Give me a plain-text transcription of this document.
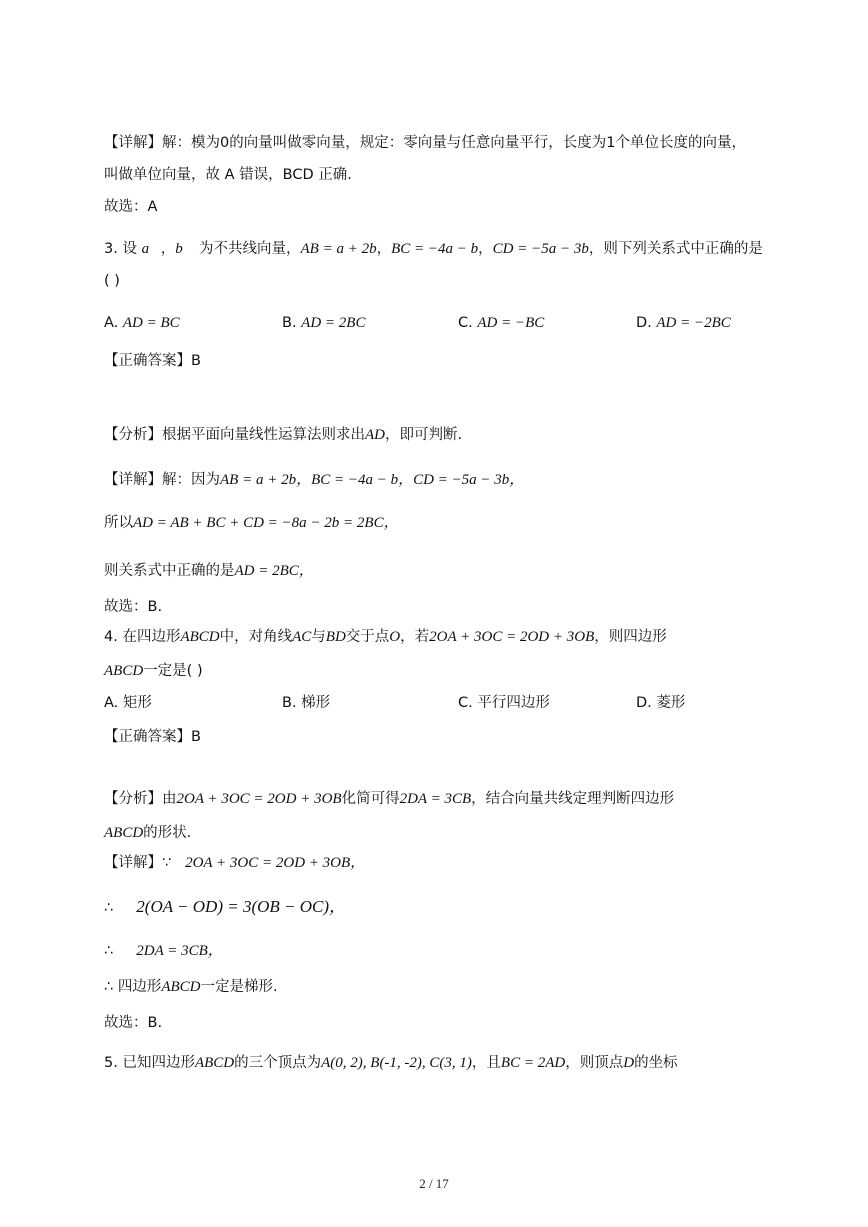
【详解】解：模为0的向量叫做零向量，规定：零向量与任意向量平行，长度为1个单位长度的向量，
叫做单位向量，故 A 错误，BCD 正确.
故选：A
3. 设 a⃗，b⃗ 为不共线向量，AB = a + 2b，BC = −4a − b，CD = −5a − 3b，则下列关系式中正确的是
( )
A. AD = BC	B. AD = 2BC	C. AD = −BC	D. AD = −2BC
【正确答案】B
【分析】根据平面向量线性运算法则求出AD，即可判断.
【详解】解：因为AB = a + 2b，BC = −4a − b，CD = −5a − 3b，
所以AD = AB + BC + CD = −8a − 2b = 2BC，
则关系式中正确的是AD = 2BC，
故选：B.
4. 在四边形ABCD中，对角线AC与BD交于点O，若2OA + 3OC = 2OD + 3OB，则四边形
ABCD一定是( )
A. 矩形	B. 梯形	C. 平行四边形	D. 菱形
【正确答案】B
【分析】由2OA + 3OC = 2OD + 3OB化简可得2DA = 3CB，结合向量共线定理判断四边形
ABCD的形状.
【详解】∵ 2OA + 3OC = 2OD + 3OB，
∴ 2(OA − OD) = 3(OB − OC)，
∴ 2DA = 3CB，
∴ 四边形ABCD一定是梯形.
故选：B.
5. 已知四边形ABCD的三个顶点为A(0, 2), B(-1, -2), C(3, 1)，且BC = 2AD，则顶点D的坐标
2 / 17
